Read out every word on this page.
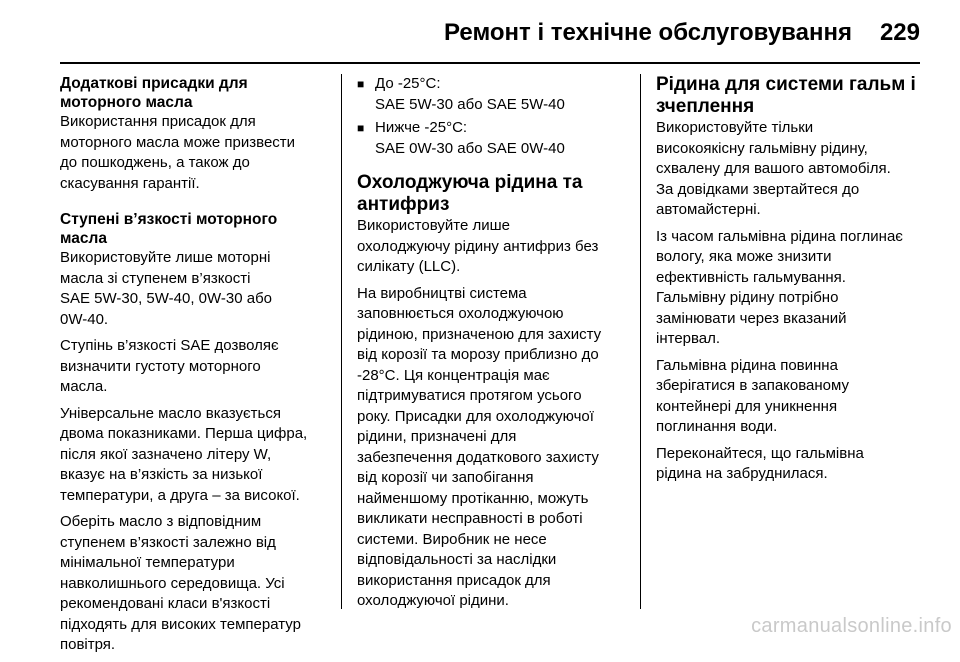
Ремонт і технічне обслуговування 229
Додаткові присадки для моторного масла

Використання присадок для
моторного масла може призвести
до пошкоджень, а також до
скасування гарантії.

Ступені в’язкості моторного масла

Використовуйте лише моторні
масла зі ступенем в’язкості
SAE 5W-30, 5W-40, 0W-30 або
0W-40.

Ступінь в’язкості SAE дозволяє
визначити густоту моторного
масла.

Універсальне масло вказується
двома показниками. Перша цифра,
після якої зазначено літеру W,
вказує на в’язкість за низької
температури, а друга – за високої.

Оберіть масло з відповідним
ступенем в’язкості залежно від
мінімальної температури
навколишнього середовища. Усі
рекомендовані класи в'язкості
підходять для високих температур
повітря.

■ До -25°C:

SAE 5W-30 або SAE 5W-40

■ Нижче -25°C:

SAE 0W-30 або SAE 0W-40

Охолоджуюча рідина та антифриз

Використовуйте лише
охолоджуючу рідину антифриз без
силікату (LLC).

На виробництві система
заповнюється охолоджуючою
рідиною, призначеною для захисту
від корозії та морозу приблизно до
-28°C. Ця концентрація має
підтримуватися протягом усього
року. Присадки для охолоджуючої
рідини, призначені для
забезпечення додаткового захисту
від корозії чи запобігання
найменшому протіканню, можуть
викликати несправності в роботі
системи. Виробник не несе
відповідальності за наслідки
використання присадок для
охолоджуючої рідини.

Рідина для системи гальм і зчеплення

Використовуйте тільки
високоякісну гальмівну рідину,
схвалену для вашого автомобіля.
За довідками звертайтеся до
автомайстерні.

Із часом гальмівна рідина поглинає
вологу, яка може знизити
ефективність гальмування.
Гальмівну рідину потрібно
замінювати через вказаний
інтервал.

Гальмівна рідина повинна
зберігатися в запакованому
контейнері для уникнення
поглинання води.

Переконайтеся, що гальмівна
рідина на забруднилася.

carmanualsonline.info
